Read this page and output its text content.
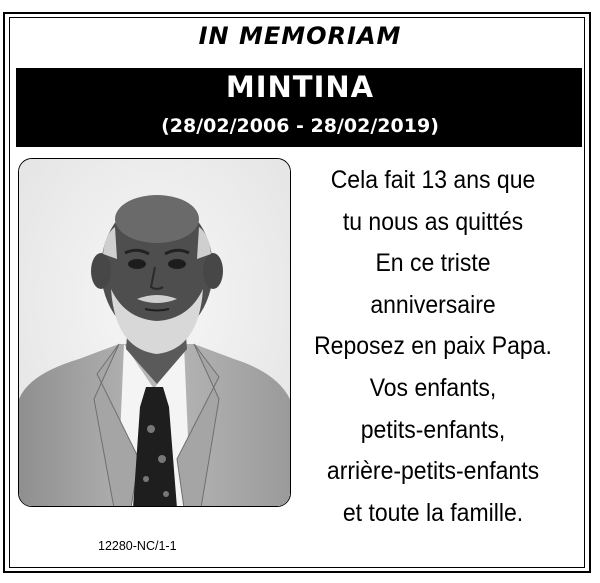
IN MEMORIAM
MINTINA
(28/02/2006 - 28/02/2019)
Cela fait 13 ans que
tu nous as quittés
En ce triste
anniversaire
Reposez en paix Papa.
Vos enfants,
petits-enfants,
arrière-petits-enfants
et toute la famille.
12280-NC/1-1
